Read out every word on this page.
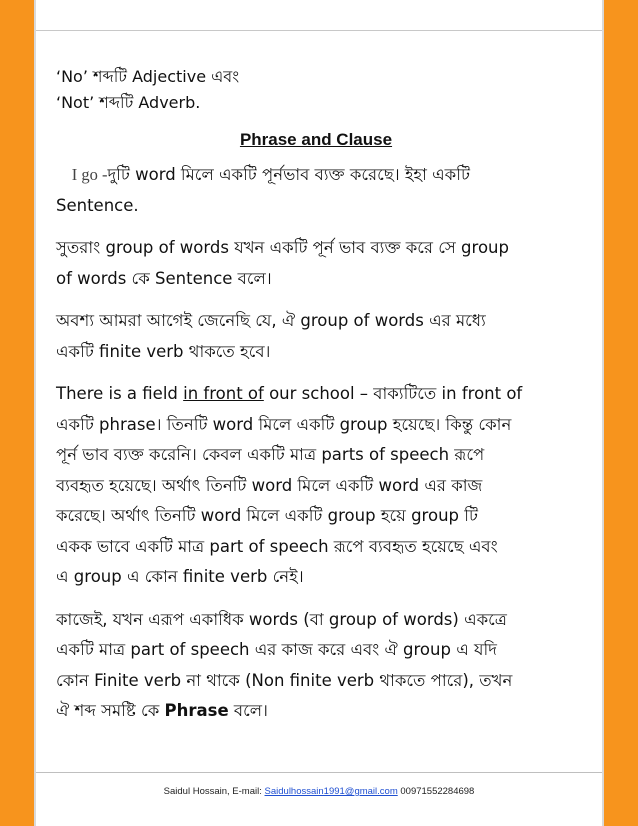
‘No’ শব্দটি Adjective এবং

‘Not’ শব্দটি Adverb.

Phrase and Clause

I go -দুটি word মিলে একটি পূর্নভাব ব্যক্ত করেছে। ইহা একটি

Sentence.

সুতরাং group of words যখন একটি পূর্ন ভাব ব্যক্ত করে সে group

of words কে Sentence বলে।

অবশ্য আমরা আগেই জেনেছি যে, ঐ group of words এর মধ্যে

একটি finite verb থাকতে হবে।

There is a field in front of our school – বাক্যটিতে in front of

একটি phrase। তিনটি word মিলে একটি group হয়েছে। কিন্তু কোন

পূর্ন ভাব ব্যক্ত করেনি। কেবল একটি মাত্র parts of speech রূপে

ব্যবহৃত হয়েছে। অর্থাৎ তিনটি word মিলে একটি word এর কাজ

করেছে। অর্থাৎ তিনটি word মিলে একটি group হয়ে group টি

একক ভাবে একটি মাত্র part of speech রূপে ব্যবহৃত হয়েছে এবং

এ group এ কোন finite verb নেই।

কাজেই, যখন এরূপ একাধিক words (বা group of words) একত্রে

একটি মাত্র part of speech এর কাজ করে এবং ঐ group এ যদি

কোন Finite verb না থাকে (Non finite verb থাকতে পারে), তখন

ঐ শব্দ সমষ্টি কে Phrase বলে।

Saidul Hossain, E-mail: Saidulhossain1991@gmail.com 00971552284698
